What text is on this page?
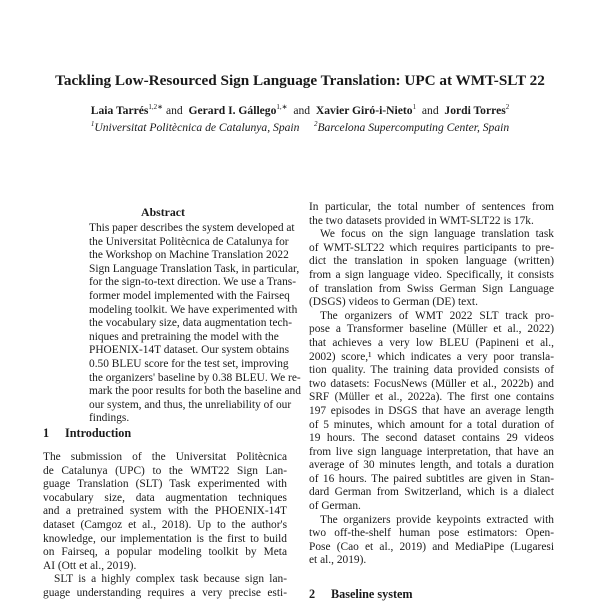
Tackling Low-Resourced Sign Language Translation: UPC at WMT-SLT 22
Laia Tarrés$^{1,2∗}$ and Gerard I. Gállego$^{1,∗}$ and Xavier Giró-i-Nieto$^1$ and Jordi Torres$^2$
$^1$Universitat Politècnica de Catalunya, Spain $^2$Barcelona Supercomputing Center, Spain
Abstract
This paper describes the system developed at
the Universitat Politècnica de Catalunya for
the Workshop on Machine Translation 2022
Sign Language Translation Task, in particular,
for the sign-to-text direction. We use a Trans-
former model implemented with the Fairseq
modeling toolkit. We have experimented with
the vocabulary size, data augmentation tech-
niques and pretraining the model with the
PHOENIX-14T dataset. Our system obtains
0.50 BLEU score for the test set, improving
the organizers' baseline by 0.38 BLEU. We re-
mark the poor results for both the baseline and
our system, and thus, the unreliability of our
findings.
1 Introduction
The submission of the Universitat Politècnica
de Catalunya (UPC) to the WMT22 Sign Lan-
guage Translation (SLT) Task experimented with
vocabulary size, data augmentation techniques
and a pretrained system with the PHOENIX-14T
dataset (Camgoz et al., 2018). Up to the author's
knowledge, our implementation is the first to build
on Fairseq, a popular modeling toolkit by Meta
AI (Ott et al., 2019).
SLT is a highly complex task because sign lan-
guage understanding requires a very precise esti-
In particular, the total number of sentences from
the two datasets provided in WMT-SLT22 is 17k.
We focus on the sign language translation task
of WMT-SLT22 which requires participants to pre-
dict the translation in spoken language (written)
from a sign language video. Specifically, it consists
of translation from Swiss German Sign Language
(DSGS) videos to German (DE) text.
The organizers of WMT 2022 SLT track pro-
pose a Transformer baseline (Müller et al., 2022)
that achieves a very low BLEU (Papineni et al.,
2002) score,¹ which indicates a very poor transla-
tion quality. The training data provided consists of
two datasets: FocusNews (Müller et al., 2022b) and
SRF (Müller et al., 2022a). The first one contains
197 episodes in DSGS that have an average length
of 5 minutes, which amount for a total duration of
19 hours. The second dataset contains 29 videos
from live sign language interpretation, that have an
average of 30 minutes length, and totals a duration
of 16 hours. The paired subtitles are given in Stan-
dard German from Switzerland, which is a dialect
of German.
The organizers provide keypoints extracted with
two off-the-shelf human pose estimators: Open-
Pose (Cao et al., 2019) and MediaPipe (Lugaresi
et al., 2019).
2 Baseline system
